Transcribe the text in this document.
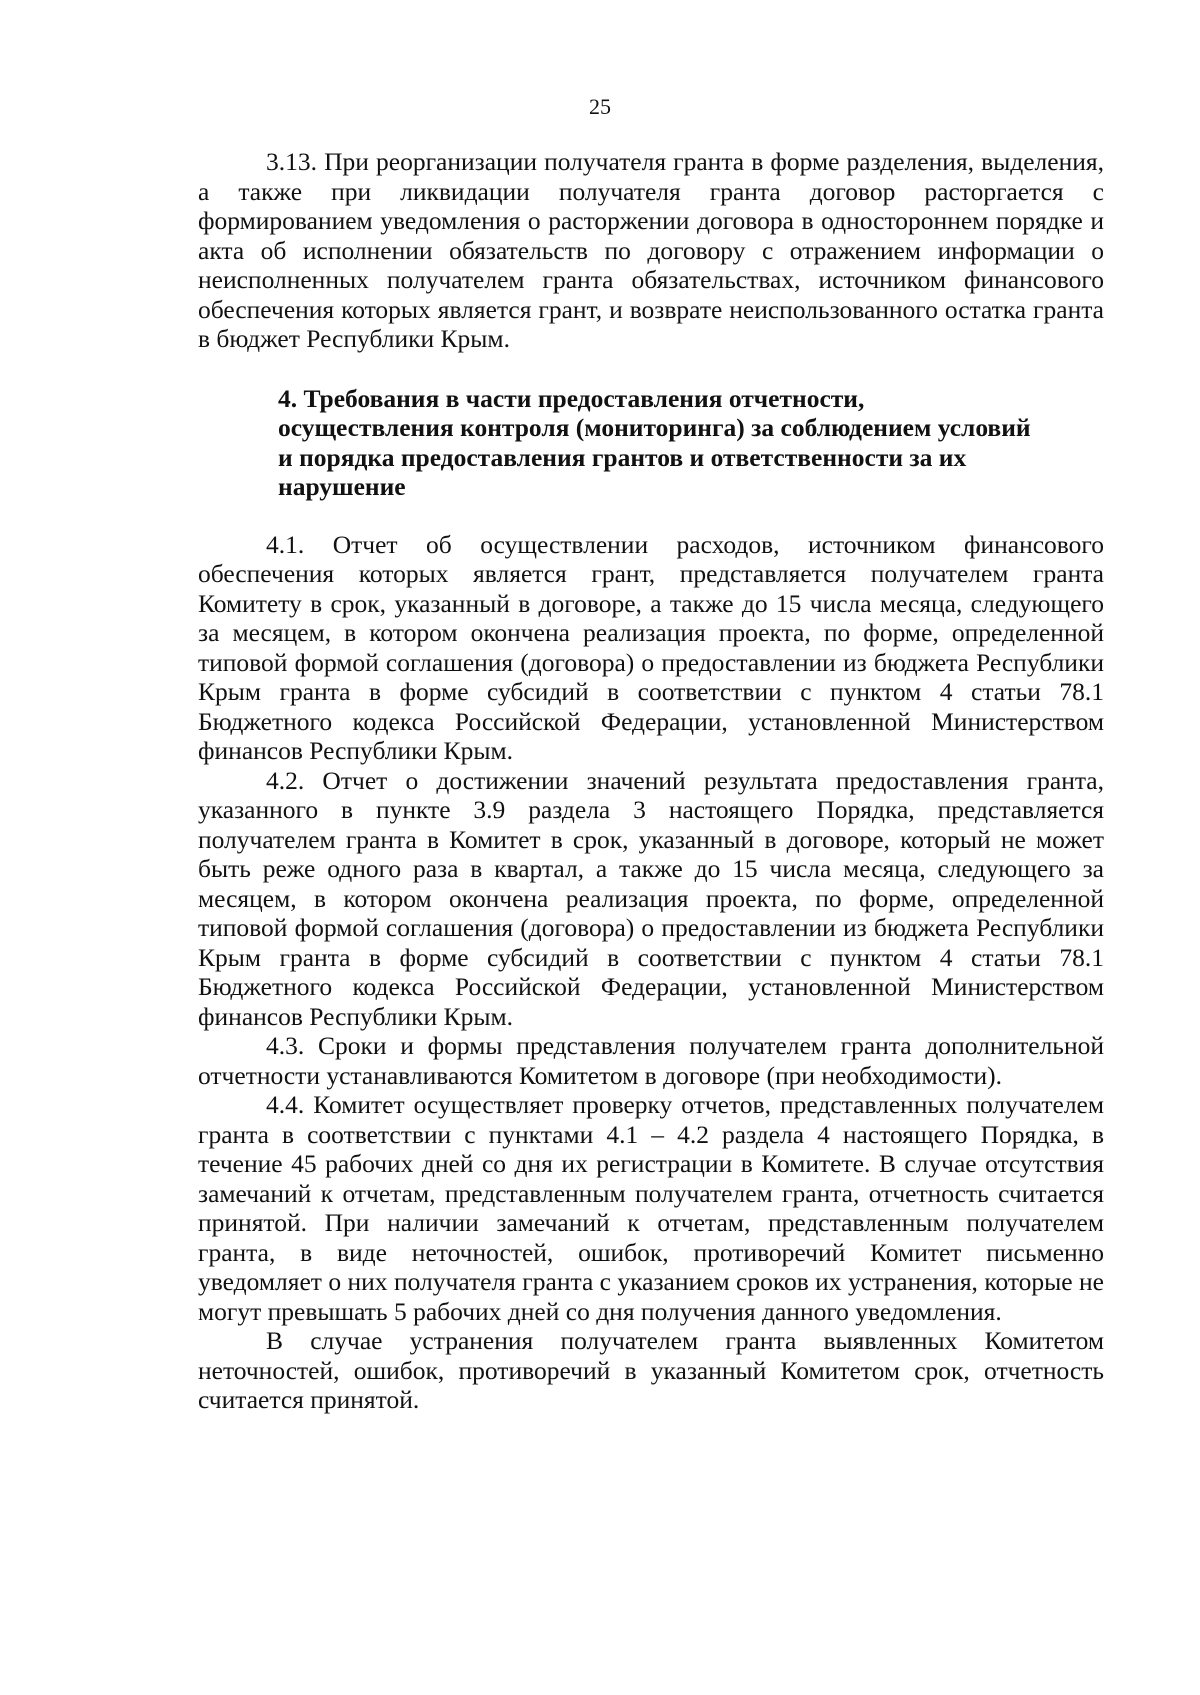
25

3.13. При реорганизации получателя гранта в форме разделения, выделения, а также при ликвидации получателя гранта договор расторгается с формированием уведомления о расторжении договора в одностороннем порядке и акта об исполнении обязательств по договору с отражением информации о неисполненных получателем гранта обязательствах, источником финансового обеспечения которых является грант, и возврате неиспользованного остатка гранта в бюджет Республики Крым.

4. Требования в части предоставления отчетности, осуществления контроля (мониторинга) за соблюдением условий и порядка предоставления грантов и ответственности за их нарушение

4.1. Отчет об осуществлении расходов, источником финансового обеспечения которых является грант, представляется получателем гранта Комитету в срок, указанный в договоре, а также до 15 числа месяца, следующего за месяцем, в котором окончена реализация проекта, по форме, определенной типовой формой соглашения (договора) о предоставлении из бюджета Республики Крым гранта в форме субсидий в соответствии с пунктом 4 статьи 78.1 Бюджетного кодекса Российской Федерации, установленной Министерством финансов Республики Крым.

4.2. Отчет о достижении значений результата предоставления гранта, указанного в пункте 3.9 раздела 3 настоящего Порядка, представляется получателем гранта в Комитет в срок, указанный в договоре, который не может быть реже одного раза в квартал, а также до 15 числа месяца, следующего за месяцем, в котором окончена реализация проекта, по форме, определенной типовой формой соглашения (договора) о предоставлении из бюджета Республики Крым гранта в форме субсидий в соответствии с пунктом 4 статьи 78.1 Бюджетного кодекса Российской Федерации, установленной Министерством финансов Республики Крым.

4.3. Сроки и формы представления получателем гранта дополнительной отчетности устанавливаются Комитетом в договоре (при необходимости).

4.4. Комитет осуществляет проверку отчетов, представленных получателем гранта в соответствии с пунктами 4.1 – 4.2 раздела 4 настоящего Порядка, в течение 45 рабочих дней со дня их регистрации в Комитете. В случае отсутствия замечаний к отчетам, представленным получателем гранта, отчетность считается принятой. При наличии замечаний к отчетам, представленным получателем гранта, в виде неточностей, ошибок, противоречий Комитет письменно уведомляет о них получателя гранта с указанием сроков их устранения, которые не могут превышать 5 рабочих дней со дня получения данного уведомления.

В случае устранения получателем гранта выявленных Комитетом неточностей, ошибок, противоречий в указанный Комитетом срок, отчетность считается принятой.
